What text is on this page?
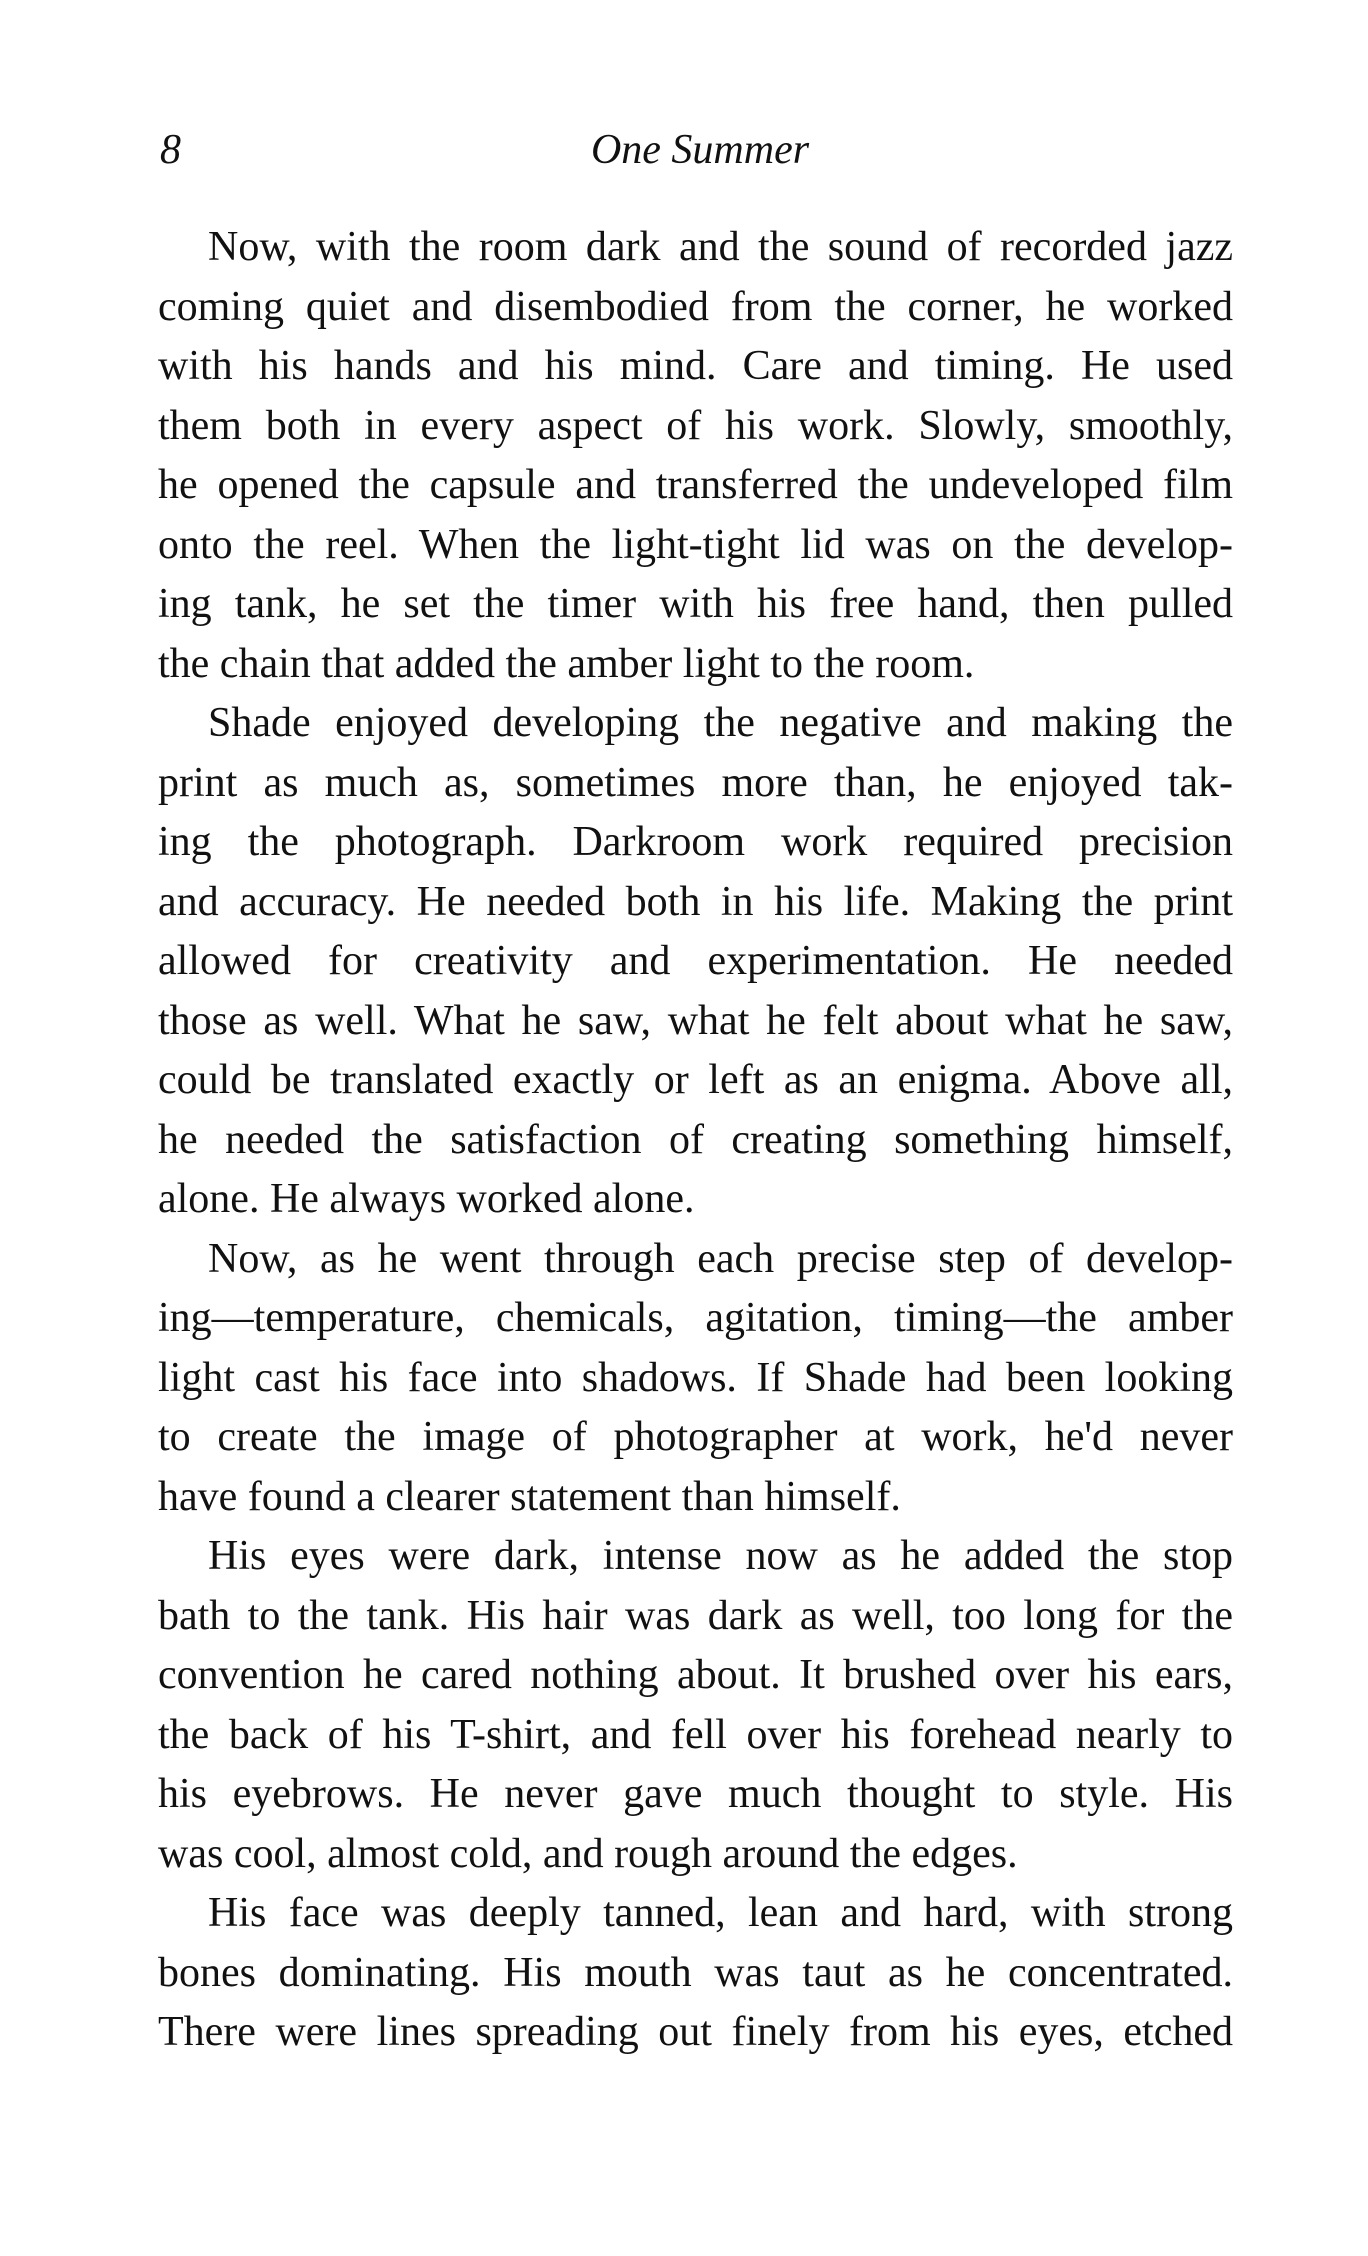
8	One Summer
Now, with the room dark and the sound of recorded jazz
coming quiet and disembodied from the corner, he worked
with his hands and his mind. Care and timing. He used
them both in every aspect of his work. Slowly, smoothly,
he opened the capsule and transferred the undeveloped film
onto the reel. When the light-tight lid was on the develop-
ing tank, he set the timer with his free hand, then pulled
the chain that added the amber light to the room.
Shade enjoyed developing the negative and making the
print as much as, sometimes more than, he enjoyed tak-
ing the photograph. Darkroom work required precision
and accuracy. He needed both in his life. Making the print
allowed for creativity and experimentation. He needed
those as well. What he saw, what he felt about what he saw,
could be translated exactly or left as an enigma. Above all,
he needed the satisfaction of creating something himself,
alone. He always worked alone.
Now, as he went through each precise step of develop-
ing—temperature, chemicals, agitation, timing—the amber
light cast his face into shadows. If Shade had been looking
to create the image of photographer at work, he'd never
have found a clearer statement than himself.
His eyes were dark, intense now as he added the stop
bath to the tank. His hair was dark as well, too long for the
convention he cared nothing about. It brushed over his ears,
the back of his T-shirt, and fell over his forehead nearly to
his eyebrows. He never gave much thought to style. His
was cool, almost cold, and rough around the edges.
His face was deeply tanned, lean and hard, with strong
bones dominating. His mouth was taut as he concentrated.
There were lines spreading out finely from his eyes, etched
